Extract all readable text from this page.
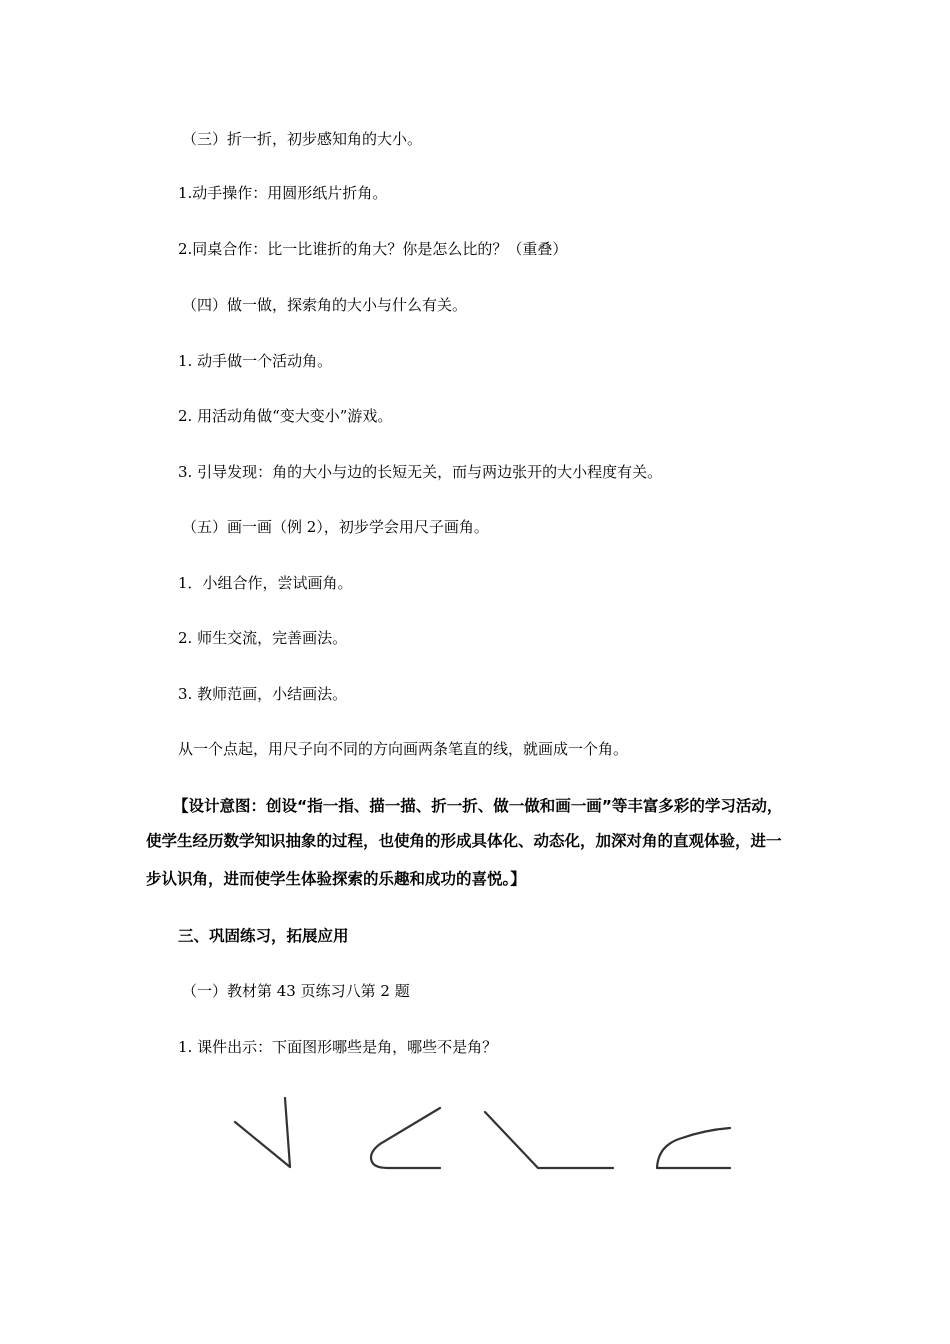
（三）折一折，初步感知角的大小。
1.动手操作：用圆形纸片折角。
2.同桌合作：比一比谁折的角大？你是怎么比的？（重叠）
（四）做一做，探索角的大小与什么有关。
1. 动手做一个活动角。
2. 用活动角做“变大变小”游戏。
3. 引导发现：角的大小与边的长短无关，而与两边张开的大小程度有关。
（五）画一画（例 2），初步学会用尺子画角。
1．小组合作，尝试画角。
2. 师生交流，完善画法。
3. 教师范画，小结画法。
从一个点起，用尺子向不同的方向画两条笔直的线，就画成一个角。
【设计意图：创设“指一指、描一描、折一折、做一做和画一画”等丰富多彩的学习活动，
使学生经历数学知识抽象的过程，也使角的形成具体化、动态化，加深对角的直观体验，进一
步认识角，进而使学生体验探索的乐趣和成功的喜悦。】
三、巩固练习，拓展应用
（一）教材第 43 页练习八第 2 题
1. 课件出示：下面图形哪些是角，哪些不是角？
